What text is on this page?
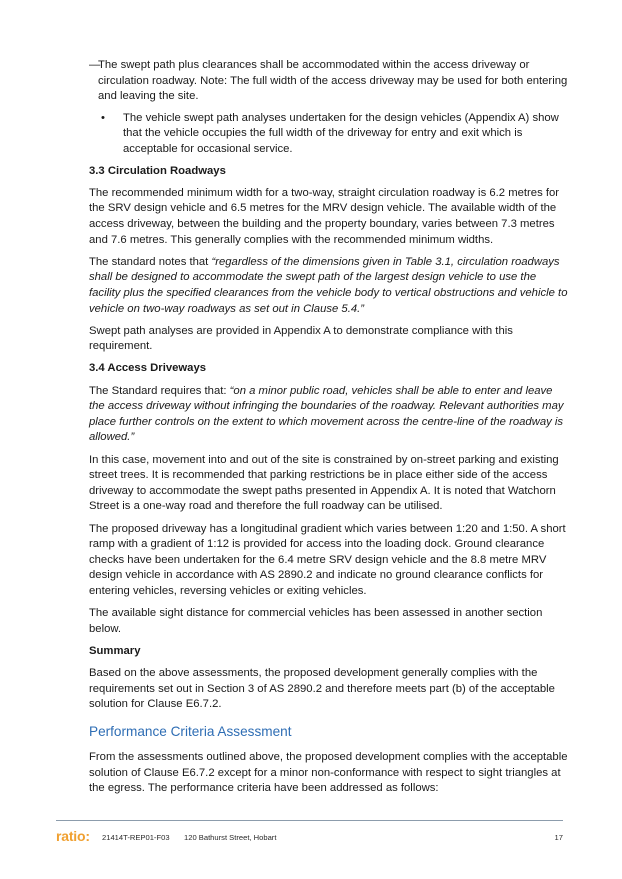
—
The swept path plus clearances shall be accommodated within the access driveway or circulation roadway. Note: The full width of the access driveway may be used for both entering and leaving the site.
• The vehicle swept path analyses undertaken for the design vehicles (Appendix A) show that the vehicle occupies the full width of the driveway for entry and exit which is acceptable for occasional service.
3.3 Circulation Roadways

The recommended minimum width for a two-way, straight circulation roadway is 6.2 metres for the SRV design vehicle and 6.5 metres for the MRV design vehicle. The available width of the access driveway, between the building and the property boundary, varies between 7.3 metres and 7.6 metres. This generally complies with the recommended minimum widths.

The standard notes that “regardless of the dimensions given in Table 3.1, circulation roadways shall be designed to accommodate the swept path of the largest design vehicle to use the facility plus the specified clearances from the vehicle body to vertical obstructions and vehicle to vehicle on two-way roadways as set out in Clause 5.4.”

Swept path analyses are provided in Appendix A to demonstrate compliance with this requirement.

3.4 Access Driveways

The Standard requires that: “on a minor public road, vehicles shall be able to enter and leave the access driveway without infringing the boundaries of the roadway. Relevant authorities may place further controls on the extent to which movement across the centre-line of the roadway is allowed.”

In this case, movement into and out of the site is constrained by on-street parking and existing street trees. It is recommended that parking restrictions be in place either side of the access driveway to accommodate the swept paths presented in Appendix A. It is noted that Watchorn Street is a one-way road and therefore the full roadway can be utilised.

The proposed driveway has a longitudinal gradient which varies between 1:20 and 1:50. A short ramp with a gradient of 1:12 is provided for access into the loading dock. Ground clearance checks have been undertaken for the 6.4 metre SRV design vehicle and the 8.8 metre MRV design vehicle in accordance with AS 2890.2 and indicate no ground clearance conflicts for entering vehicles, reversing vehicles or exiting vehicles.

The available sight distance for commercial vehicles has been assessed in another section below.

Summary

Based on the above assessments, the proposed development generally complies with the requirements set out in Section 3 of AS 2890.2 and therefore meets part (b) of the acceptable solution for Clause E6.7.2.

Performance Criteria Assessment

From the assessments outlined above, the proposed development complies with the acceptable solution of Clause E6.7.2 except for a minor non-conformance with respect to sight triangles at the egress. The performance criteria have been addressed as follows:

ratio: 21414T-REP01-F03 120 Bathurst Street, Hobart	17
